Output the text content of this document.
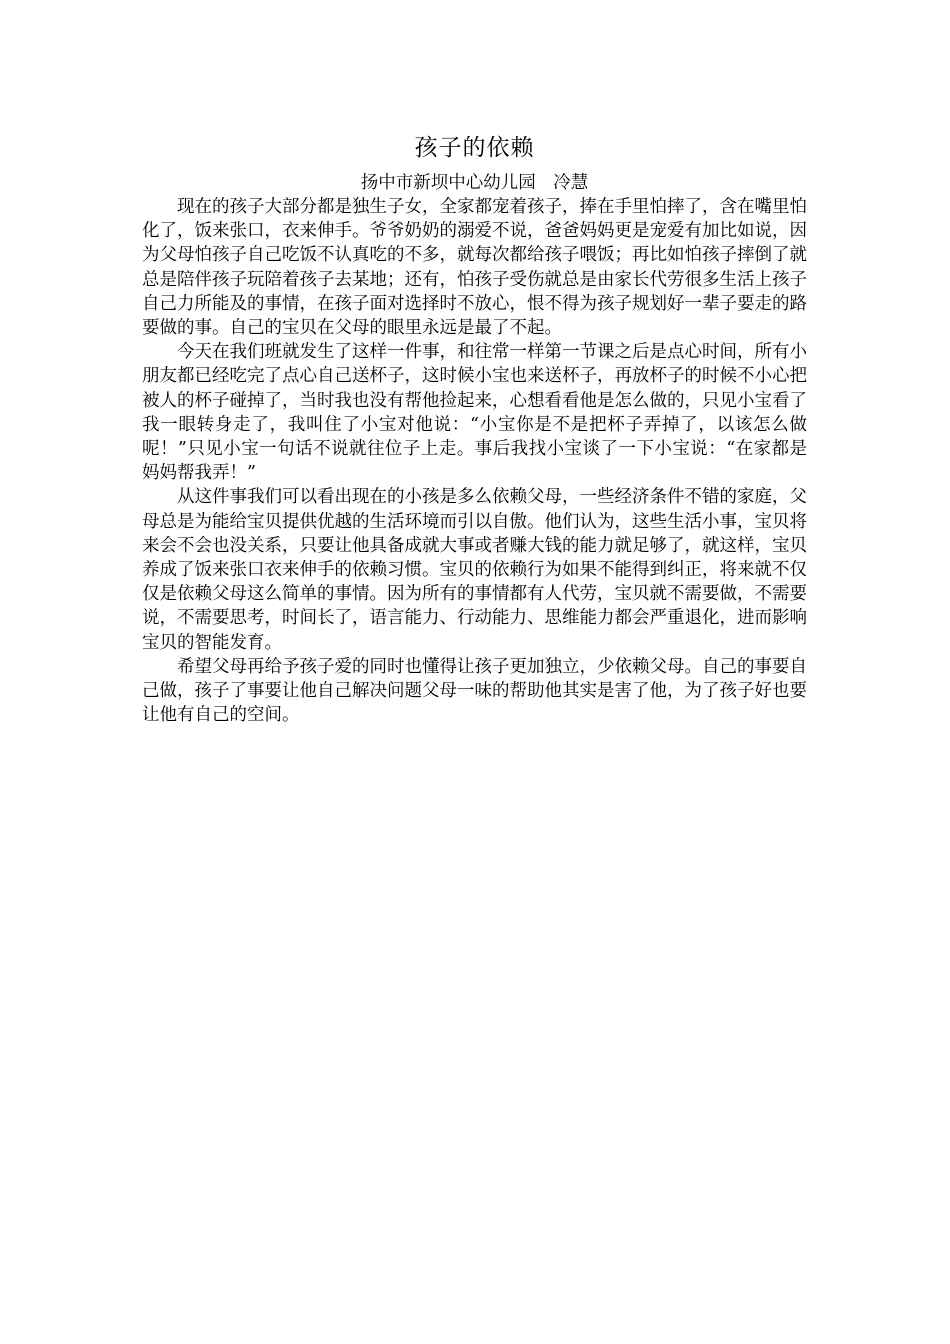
孩子的依赖
扬中市新坝中心幼儿园　冷慧

现在的孩子大部分都是独生子女，全家都宠着孩子，捧在手里怕摔了，含在嘴里怕化了，饭来张口，衣来伸手。爷爷奶奶的溺爱不说，爸爸妈妈更是宠爱有加比如说，因为父母怕孩子自己吃饭不认真吃的不多，就每次都给孩子喂饭；再比如怕孩子摔倒了就总是陪伴孩子玩陪着孩子去某地；还有，怕孩子受伤就总是由家长代劳很多生活上孩子自己力所能及的事情，在孩子面对选择时不放心，恨不得为孩子规划好一辈子要走的路要做的事。自己的宝贝在父母的眼里永远是最了不起。

今天在我们班就发生了这样一件事，和往常一样第一节课之后是点心时间，所有小朋友都已经吃完了点心自己送杯子，这时候小宝也来送杯子，再放杯子的时候不小心把被人的杯子碰掉了，当时我也没有帮他捡起来，心想看看他是怎么做的，只见小宝看了我一眼转身走了，我叫住了小宝对他说：“小宝你是不是把杯子弄掉了，以该怎么做呢！”只见小宝一句话不说就往位子上走。事后我找小宝谈了一下小宝说：“在家都是妈妈帮我弄！”

从这件事我们可以看出现在的小孩是多么依赖父母，一些经济条件不错的家庭，父母总是为能给宝贝提供优越的生活环境而引以自傲。他们认为，这些生活小事，宝贝将来会不会也没关系，只要让他具备成就大事或者赚大钱的能力就足够了，就这样，宝贝养成了饭来张口衣来伸手的依赖习惯。宝贝的依赖行为如果不能得到纠正，将来就不仅仅是依赖父母这么简单的事情。因为所有的事情都有人代劳，宝贝就不需要做，不需要说，不需要思考，时间长了，语言能力、行动能力、思维能力都会严重退化，进而影响宝贝的智能发育。

希望父母再给予孩子爱的同时也懂得让孩子更加独立，少依赖父母。自己的事要自己做，孩子了事要让他自己解决问题父母一味的帮助他其实是害了他，为了孩子好也要让他有自己的空间。
